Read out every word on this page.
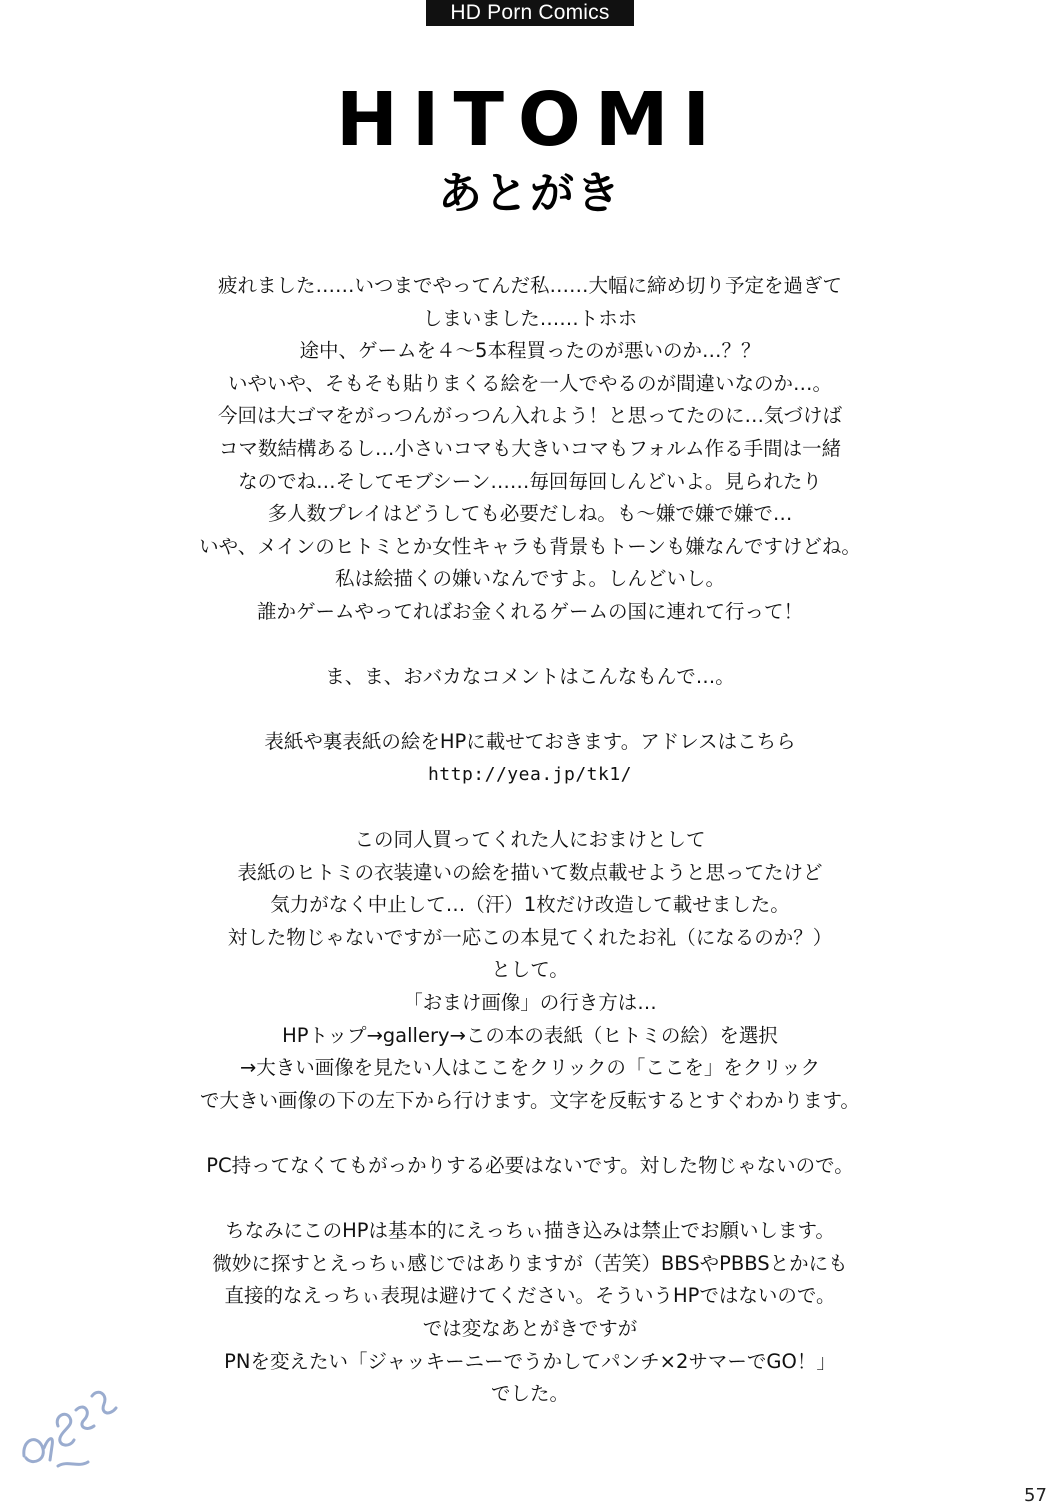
HD Porn Comics
HITOMI
あとがき
疲れました……いつまでやってんだ私……大幅に締め切り予定を過ぎて
しまいました……トホホ
途中、ゲームを４～5本程買ったのが悪いのか…？？
いやいや、そもそも貼りまくる絵を一人でやるのが間違いなのか…。
今回は大ゴマをがっつんがっつん入れよう！と思ってたのに…気づけば
コマ数結構あるし…小さいコマも大きいコマもフォルム作る手間は一緒
なのでね…そしてモブシーン……毎回毎回しんどいよ。見られたり
多人数プレイはどうしても必要だしね。も～嫌で嫌で嫌で…
いや、メインのヒトミとか女性キャラも背景もトーンも嫌なんですけどね。
私は絵描くの嫌いなんですよ。しんどいし。
誰かゲームやってればお金くれるゲームの国に連れて行って！
ま、ま、おバカなコメントはこんなもんで…。
表紙や裏表紙の絵をHPに載せておきます。アドレスはこちら
http://yea.jp/tk1/
この同人買ってくれた人におまけとして
表紙のヒトミの衣装違いの絵を描いて数点載せようと思ってたけど
気力がなく中止して…（汗）1枚だけ改造して載せました。
対した物じゃないですが一応この本見てくれたお礼（になるのか？）
として。
「おまけ画像」の行き方は…
HPトップ→gallery→この本の表紙（ヒトミの絵）を選択
→大きい画像を見たい人はここをクリックの「ここを」をクリック
で大きい画像の下の左下から行けます。文字を反転するとすぐわかります。
PC持ってなくてもがっかりする必要はないです。対した物じゃないので。
ちなみにこのHPは基本的にえっちぃ描き込みは禁止でお願いします。
微妙に探すとえっちぃ感じではありますが（苦笑）BBSやPBBSとかにも
直接的なえっちぃ表現は避けてください。そういうHPではないので。
では変なあとがきですが
PNを変えたい「ジャッキーニーでうかしてパンチ×2サマーでGO！」
でした。
57
